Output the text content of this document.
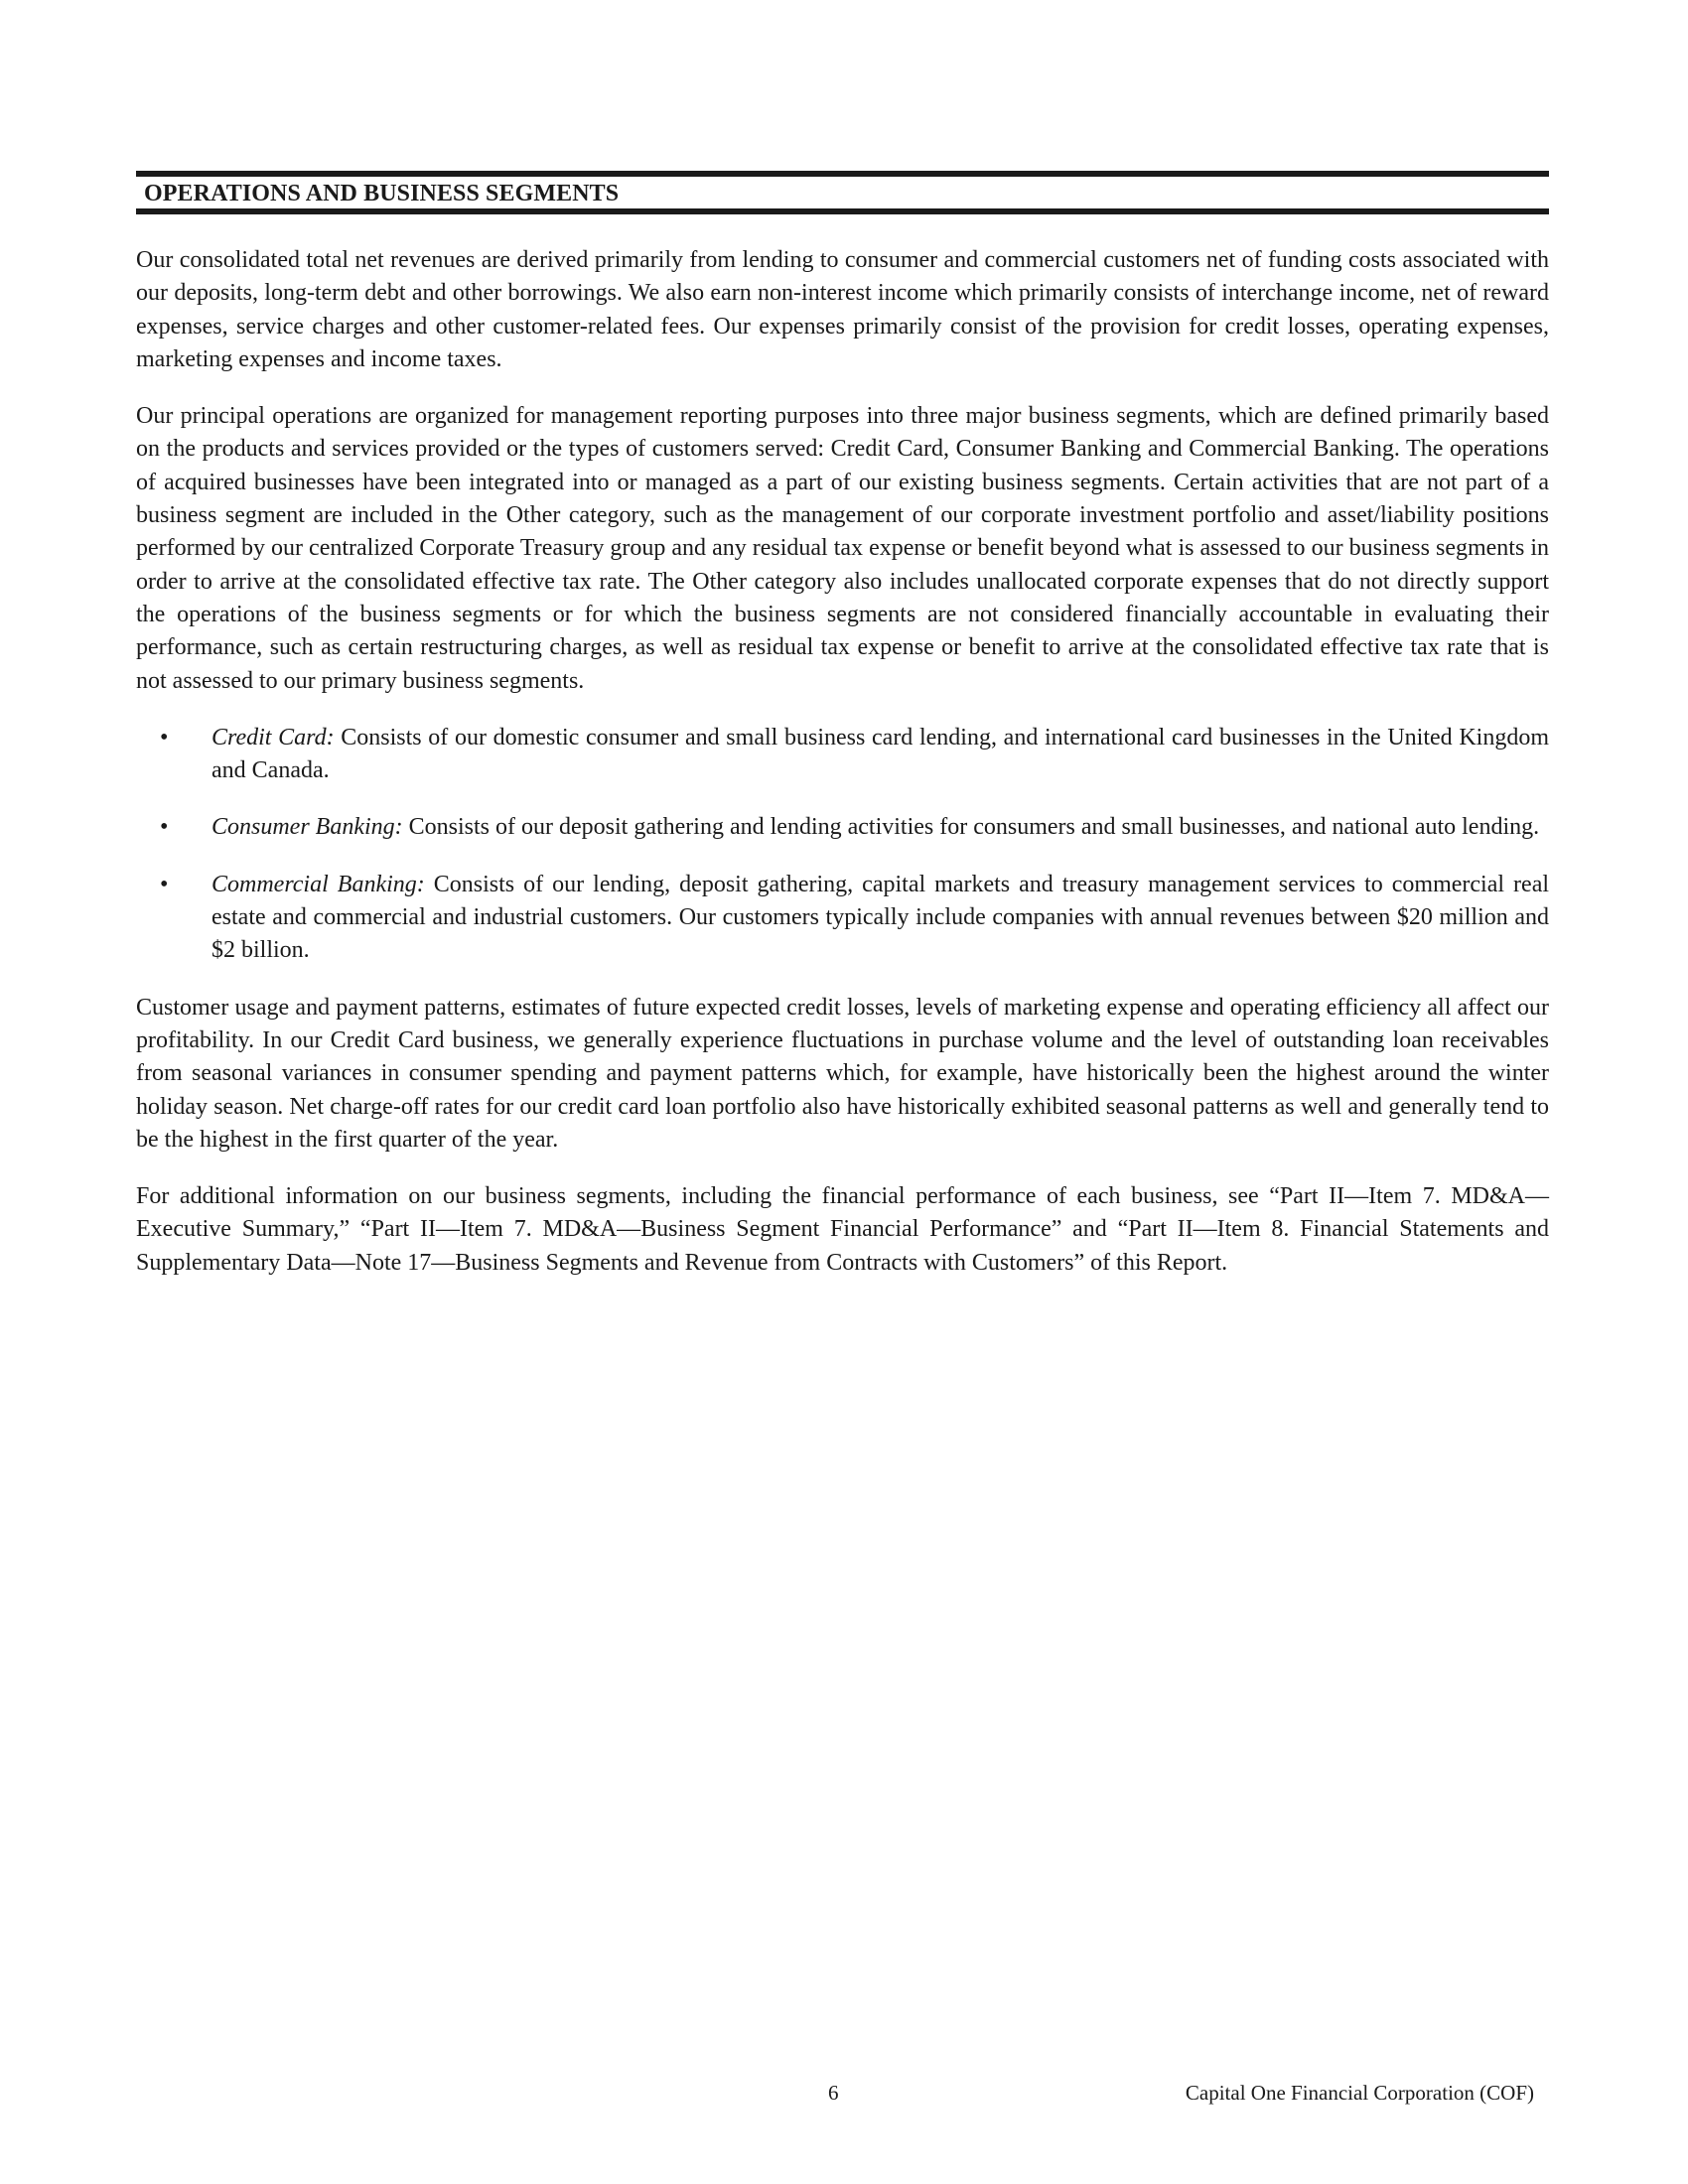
OPERATIONS AND BUSINESS SEGMENTS

Our consolidated total net revenues are derived primarily from lending to consumer and commercial customers net of funding costs associated with our deposits, long-term debt and other borrowings. We also earn non-interest income which primarily consists of interchange income, net of reward expenses, service charges and other customer-related fees. Our expenses primarily consist of the provision for credit losses, operating expenses, marketing expenses and income taxes.

Our principal operations are organized for management reporting purposes into three major business segments, which are defined primarily based on the products and services provided or the types of customers served: Credit Card, Consumer Banking and Commercial Banking. The operations of acquired businesses have been integrated into or managed as a part of our existing business segments. Certain activities that are not part of a business segment are included in the Other category, such as the management of our corporate investment portfolio and asset/liability positions performed by our centralized Corporate Treasury group and any residual tax expense or benefit beyond what is assessed to our business segments in order to arrive at the consolidated effective tax rate. The Other category also includes unallocated corporate expenses that do not directly support the operations of the business segments or for which the business segments are not considered financially accountable in evaluating their performance, such as certain restructuring charges, as well as residual tax expense or benefit to arrive at the consolidated effective tax rate that is not assessed to our primary business segments.

• Credit Card: Consists of our domestic consumer and small business card lending, and international card businesses in the United Kingdom and Canada.
• Consumer Banking: Consists of our deposit gathering and lending activities for consumers and small businesses, and national auto lending.
• Commercial Banking: Consists of our lending, deposit gathering, capital markets and treasury management services to commercial real estate and commercial and industrial customers. Our customers typically include companies with annual revenues between $20 million and $2 billion.

Customer usage and payment patterns, estimates of future expected credit losses, levels of marketing expense and operating efficiency all affect our profitability. In our Credit Card business, we generally experience fluctuations in purchase volume and the level of outstanding loan receivables from seasonal variances in consumer spending and payment patterns which, for example, have historically been the highest around the winter holiday season. Net charge-off rates for our credit card loan portfolio also have historically exhibited seasonal patterns as well and generally tend to be the highest in the first quarter of the year.

For additional information on our business segments, including the financial performance of each business, see “Part II—Item 7. MD&A—Executive Summary,” “Part II—Item 7. MD&A—Business Segment Financial Performance” and “Part II—Item 8. Financial Statements and Supplementary Data—Note 17—Business Segments and Revenue from Contracts with Customers” of this Report.

6	Capital One Financial Corporation (COF)
